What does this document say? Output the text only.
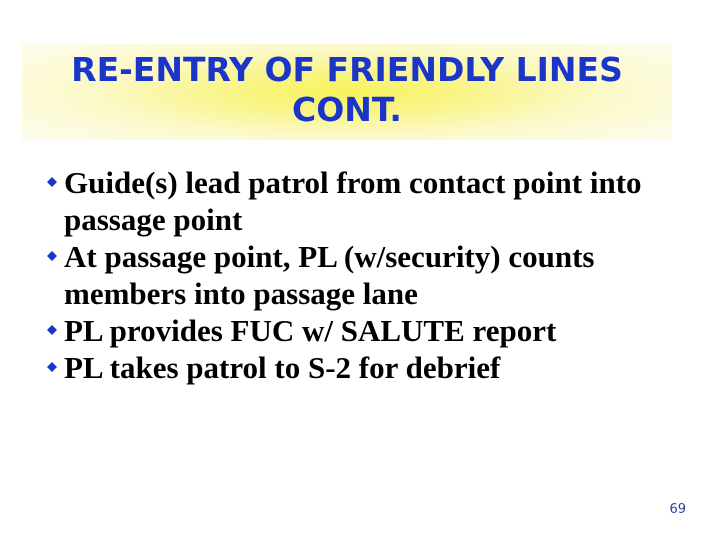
RE-ENTRY OF FRIENDLY LINES CONT.
Guide(s) lead patrol from contact point into passage point
At passage point, PL (w/security) counts members into passage lane
PL provides FUC w/ SALUTE report
PL takes patrol to S-2 for debrief
69
